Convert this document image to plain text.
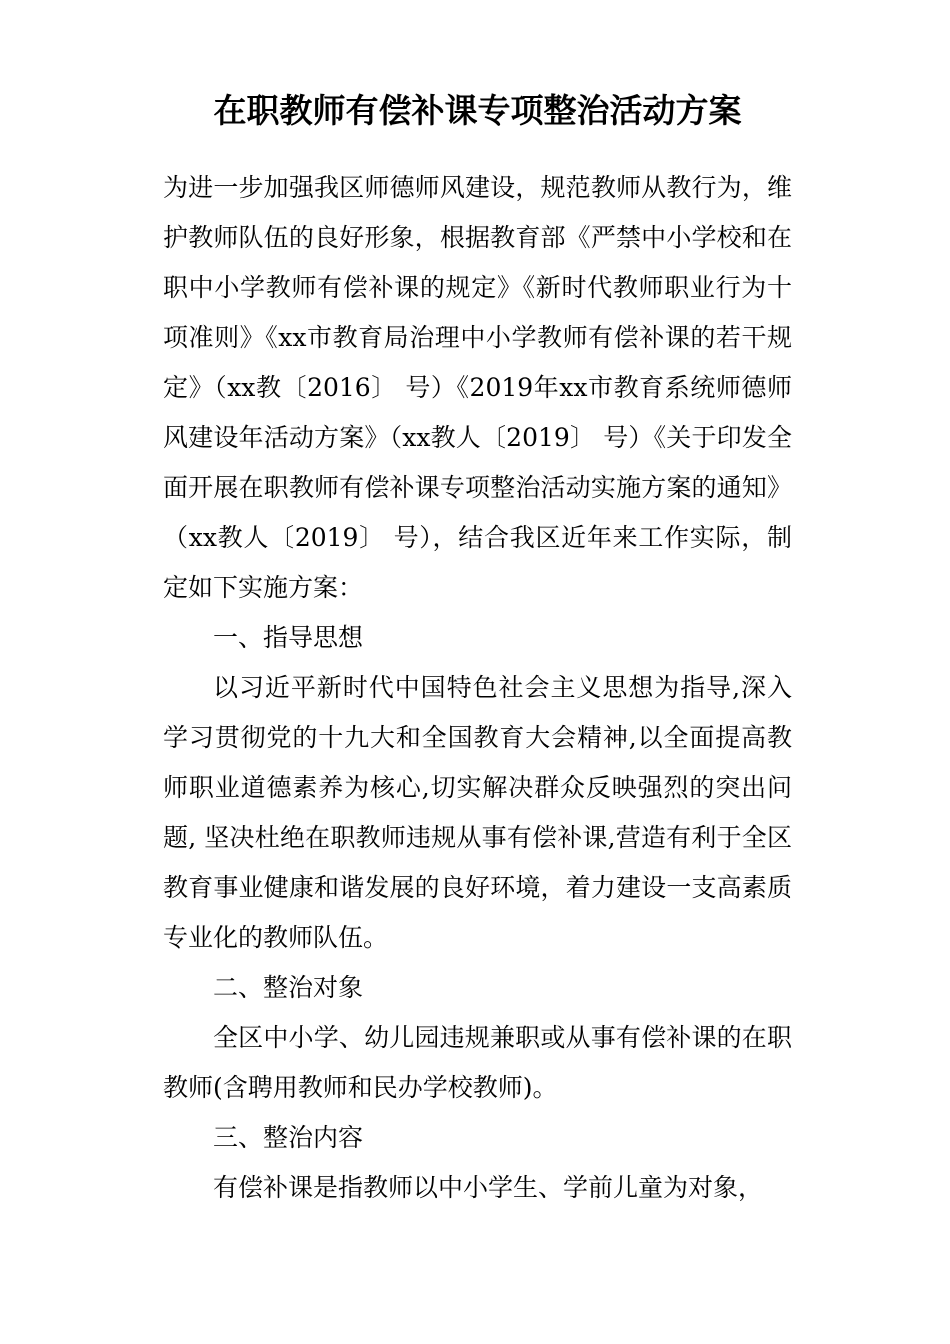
在职教师有偿补课专项整治活动方案

为进一步加强我区师德师风建设，规范教师从教行为，维护教师队伍的良好形象，根据教育部《严禁中小学校和在职中小学教师有偿补课的规定》《新时代教师职业行为十项准则》《xx市教育局治理中小学教师有偿补课的若干规定》（xx教〔2016〕 号）《2019年xx市教育系统师德师风建设年活动方案》（xx教人〔2019〕 号）《关于印发全面开展在职教师有偿补课专项整治活动实施方案的通知》（xx教人〔2019〕 号），结合我区近年来工作实际，制定如下实施方案：

一、指导思想

以习近平新时代中国特色社会主义思想为指导,深入学习贯彻党的十九大和全国教育大会精神,以全面提高教师职业道德素养为核心,切实解决群众反映强烈的突出问题, 坚决杜绝在职教师违规从事有偿补课,营造有利于全区教育事业健康和谐发展的良好环境，着力建设一支高素质专业化的教师队伍。

二、整治对象

全区中小学、幼儿园违规兼职或从事有偿补课的在职教师(含聘用教师和民办学校教师)。

三、整治内容

有偿补课是指教师以中小学生、学前儿童为对象，
